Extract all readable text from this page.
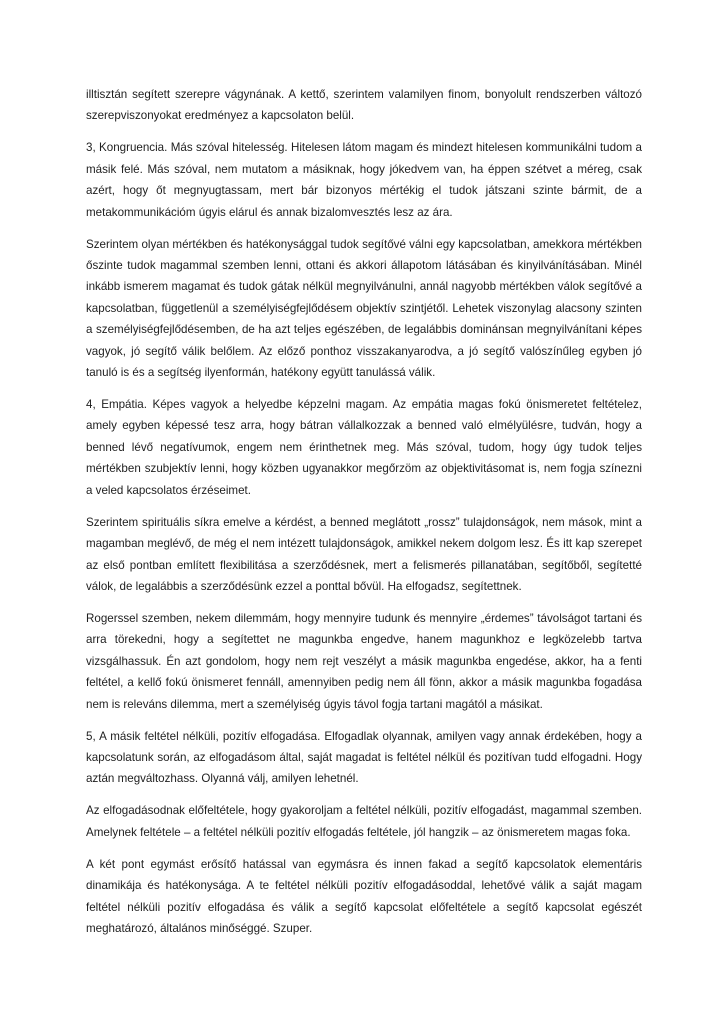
illtisztán segített szerepre vágynának. A kettő, szerintem valamilyen finom, bonyolult rendszerben változó szerepviszonyokat eredményez a kapcsolaton belül.

3, Kongruencia. Más szóval hitelesség. Hitelesen látom magam és mindezt hitelesen kommunikálni tudom a másik felé. Más szóval, nem mutatom a másiknak, hogy jókedvem van, ha éppen szétvet a méreg, csak azért, hogy őt megnyugtassam, mert bár bizonyos mértékig el tudok játszani szinte bármit, de a metakommunikációm úgyis elárul és annak bizalomvesztés lesz az ára.

Szerintem olyan mértékben és hatékonysággal tudok segítővé válni egy kapcsolatban, amekkora mértékben őszinte tudok magammal szemben lenni, ottani és akkori állapotom látásában és kinyilvánításában. Minél inkább ismerem magamat és tudok gátak nélkül megnyilvánulni, annál nagyobb mértékben válok segítővé a kapcsolatban, függetlenül a személyiségfejlődésem objektív szintjétől. Lehetek viszonylag alacsony szinten a személyiségfejlődésemben, de ha azt teljes egészében, de legalábbis dominánsan megnyilvánítani képes vagyok, jó segítő válik belőlem. Az előző ponthoz visszakanyarodva, a jó segítő valószínűleg egyben jó tanuló is és a segítség ilyenformán, hatékony együtt tanulássá válik.

4, Empátia. Képes vagyok a helyedbe képzelni magam. Az empátia magas fokú önismeretet feltételez, amely egyben képessé tesz arra, hogy bátran vállalkozzak a benned való elmélyülésre, tudván, hogy a benned lévő negatívumok, engem nem érinthetnek meg. Más szóval, tudom, hogy úgy tudok teljes mértékben szubjektív lenni, hogy közben ugyanakkor megőrzöm az objektivitásomat is, nem fogja színezni a veled kapcsolatos érzéseimet.

Szerintem spirituális síkra emelve a kérdést, a benned meglátott „rossz” tulajdonságok, nem mások, mint a magamban meglévő, de még el nem intézett tulajdonságok, amikkel nekem dolgom lesz. És itt kap szerepet az első pontban említett flexibilitása a szerződésnek, mert a felismerés pillanatában, segítőből, segítetté válok, de legalábbis a szerződésünk ezzel a ponttal bővül. Ha elfogadsz, segítettnek.

Rogerssel szemben, nekem dilemmám, hogy mennyire tudunk és mennyire „érdemes” távolságot tartani és arra törekedni, hogy a segítettet ne magunkba engedve, hanem magunkhoz e legközelebb tartva vizsgálhassuk. Én azt gondolom, hogy nem rejt veszélyt a másik magunkba engedése, akkor, ha a fenti feltétel, a kellő fokú önismeret fennáll, amennyiben pedig nem áll fönn, akkor a másik magunkba fogadása nem is releváns dilemma, mert a személyiség úgyis távol fogja tartani magától a másikat.

5, A másik feltétel nélküli, pozitív elfogadása. Elfogadlak olyannak, amilyen vagy annak érdekében, hogy a kapcsolatunk során, az elfogadásom által, saját magadat is feltétel nélkül és pozitívan tudd elfogadni. Hogy aztán megváltozhass. Olyanná válj, amilyen lehetnél.

Az elfogadásodnak előfeltétele, hogy gyakoroljam a feltétel nélküli, pozitív elfogadást, magammal szemben. Amelynek feltétele – a feltétel nélküli pozitív elfogadás feltétele, jól hangzik – az önismeretem magas foka.

A két pont egymást erősítő hatással van egymásra és innen fakad a segítő kapcsolatok elementáris dinamikája és hatékonysága. A te feltétel nélküli pozitív elfogadásoddal, lehetővé válik a saját magam feltétel nélküli pozitív elfogadása és válik a segítő kapcsolat előfeltétele a segítő kapcsolat egészét meghatározó, általános minőséggé. Szuper.
